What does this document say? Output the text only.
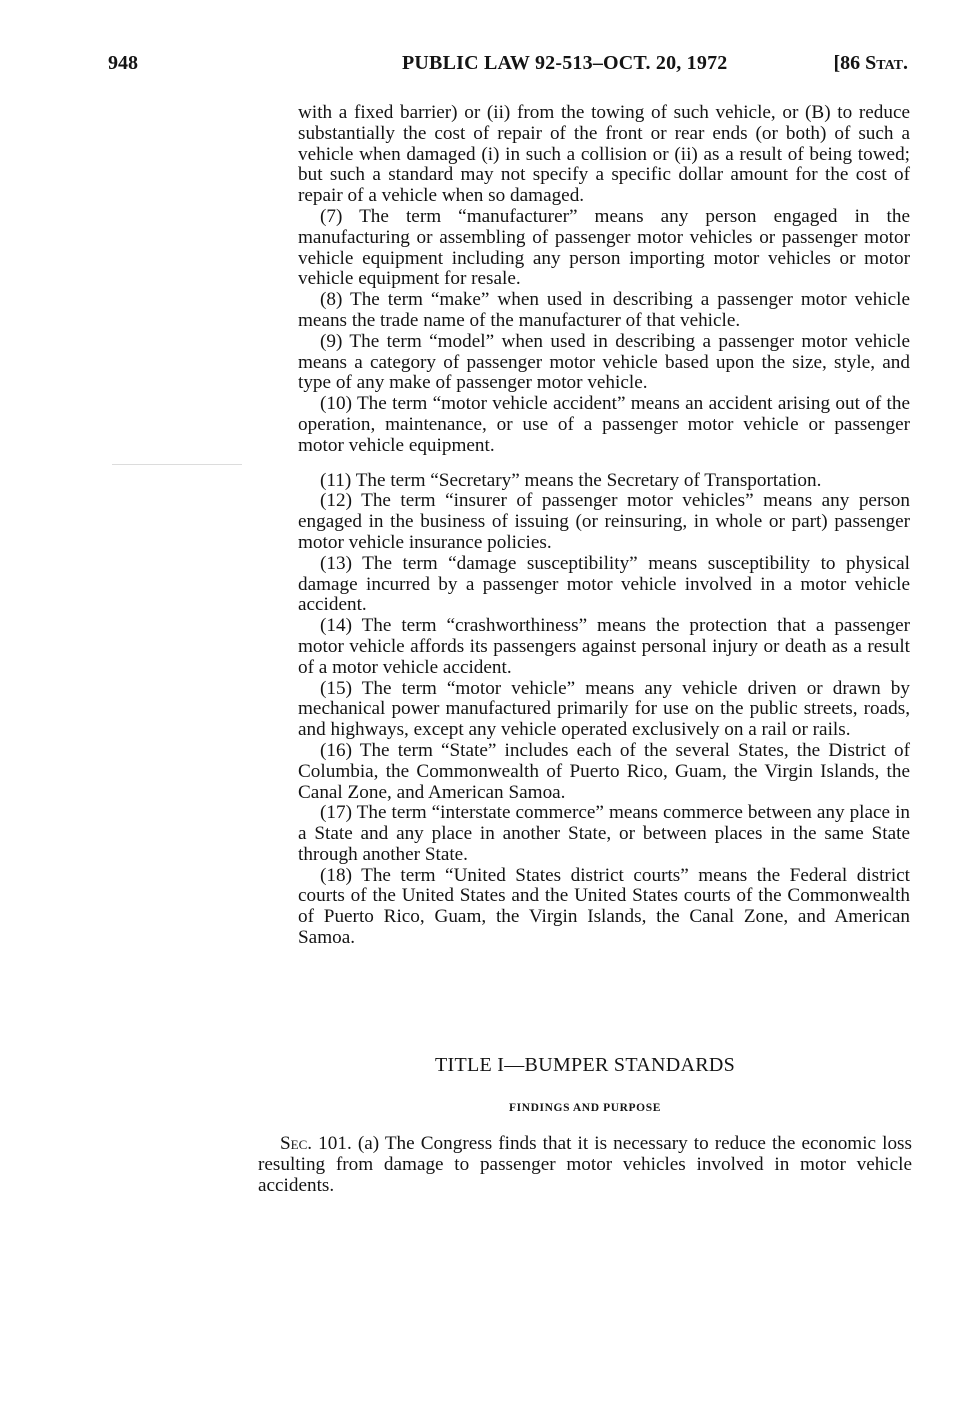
948	PUBLIC LAW 92-513–OCT. 20, 1972	[86 Stat.

with a fixed barrier) or (ii) from the towing of such vehicle, or (B) to reduce substantially the cost of repair of the front or rear ends (or both) of such a vehicle when damaged (i) in such a collision or (ii) as a result of being towed; but such a standard may not specify a specific dollar amount for the cost of repair of a vehicle when so damaged.

(7) The term “manufacturer” means any person engaged in the manufacturing or assembling of passenger motor vehicles or passenger motor vehicle equipment including any person importing motor vehicles or motor vehicle equipment for resale.

(8) The term “make” when used in describing a passenger motor vehicle means the trade name of the manufacturer of that vehicle.

(9) The term “model” when used in describing a passenger motor vehicle means a category of passenger motor vehicle based upon the size, style, and type of any make of passenger motor vehicle.

(10) The term “motor vehicle accident” means an accident arising out of the operation, maintenance, or use of a passenger motor vehicle or passenger motor vehicle equipment.

(11) The term “Secretary” means the Secretary of Transportation.

(12) The term “insurer of passenger motor vehicles” means any person engaged in the business of issuing (or reinsuring, in whole or part) passenger motor vehicle insurance policies.

(13) The term “damage susceptibility” means susceptibility to physical damage incurred by a passenger motor vehicle involved in a motor vehicle accident.

(14) The term “crashworthiness” means the protection that a passenger motor vehicle affords its passengers against personal injury or death as a result of a motor vehicle accident.

(15) The term “motor vehicle” means any vehicle driven or drawn by mechanical power manufactured primarily for use on the public streets, roads, and highways, except any vehicle operated exclusively on a rail or rails.

(16) The term “State” includes each of the several States, the District of Columbia, the Commonwealth of Puerto Rico, Guam, the Virgin Islands, the Canal Zone, and American Samoa.

(17) The term “interstate commerce” means commerce between any place in a State and any place in another State, or between places in the same State through another State.

(18) The term “United States district courts” means the Federal district courts of the United States and the United States courts of the Commonwealth of Puerto Rico, Guam, the Virgin Islands, the Canal Zone, and American Samoa.

TITLE I—BUMPER STANDARDS
FINDINGS AND PURPOSE

Sec. 101. (a) The Congress finds that it is necessary to reduce the economic loss resulting from damage to passenger motor vehicles involved in motor vehicle accidents.
